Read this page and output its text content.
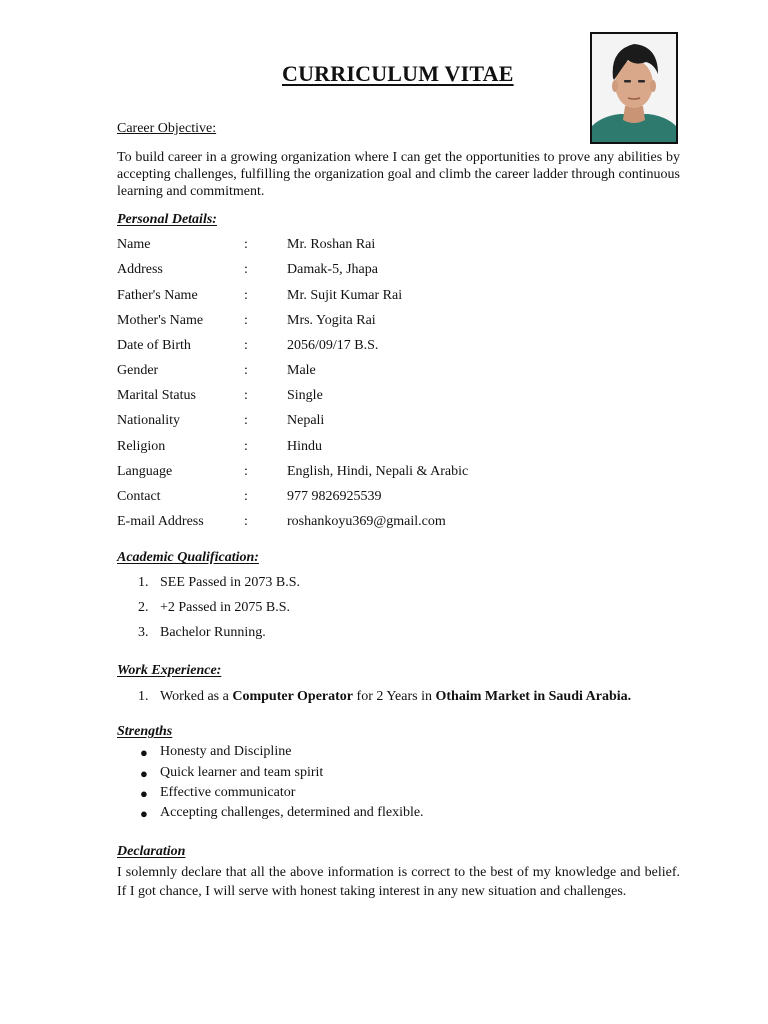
CURRICULUM VITAE
Career Objective:
To build career in a growing organization where I can get the opportunities to prove any abilities by accepting challenges, fulfilling the organization goal and climb the career ladder through continuous learning and commitment.
Personal Details:
Name	:	Mr. Roshan Rai
Address	:	Damak-5, Jhapa
Father's Name	:	Mr. Sujit Kumar Rai
Mother's Name	:	Mrs. Yogita Rai
Date of Birth	:	2056/09/17 B.S.
Gender	:	Male
Marital Status	:	Single
Nationality	:	Nepali
Religion	:	Hindu
Language	:	English, Hindi, Nepali & Arabic
Contact	:	977 9826925539
E-mail Address	:	roshankoyu369@gmail.com
Academic Qualification:
1. SEE Passed in 2073 B.S.
2. +2 Passed in 2075 B.S.
3. Bachelor Running.
Work Experience:
1. Worked as a Computer Operator for 2 Years in Othaim Market in Saudi Arabia.
Strengths
● Honesty and Discipline
● Quick learner and team spirit
● Effective communicator
● Accepting challenges, determined and flexible.
Declaration
I solemnly declare that all the above information is correct to the best of my knowledge and belief. If I got chance, I will serve with honest taking interest in any new situation and challenges.
